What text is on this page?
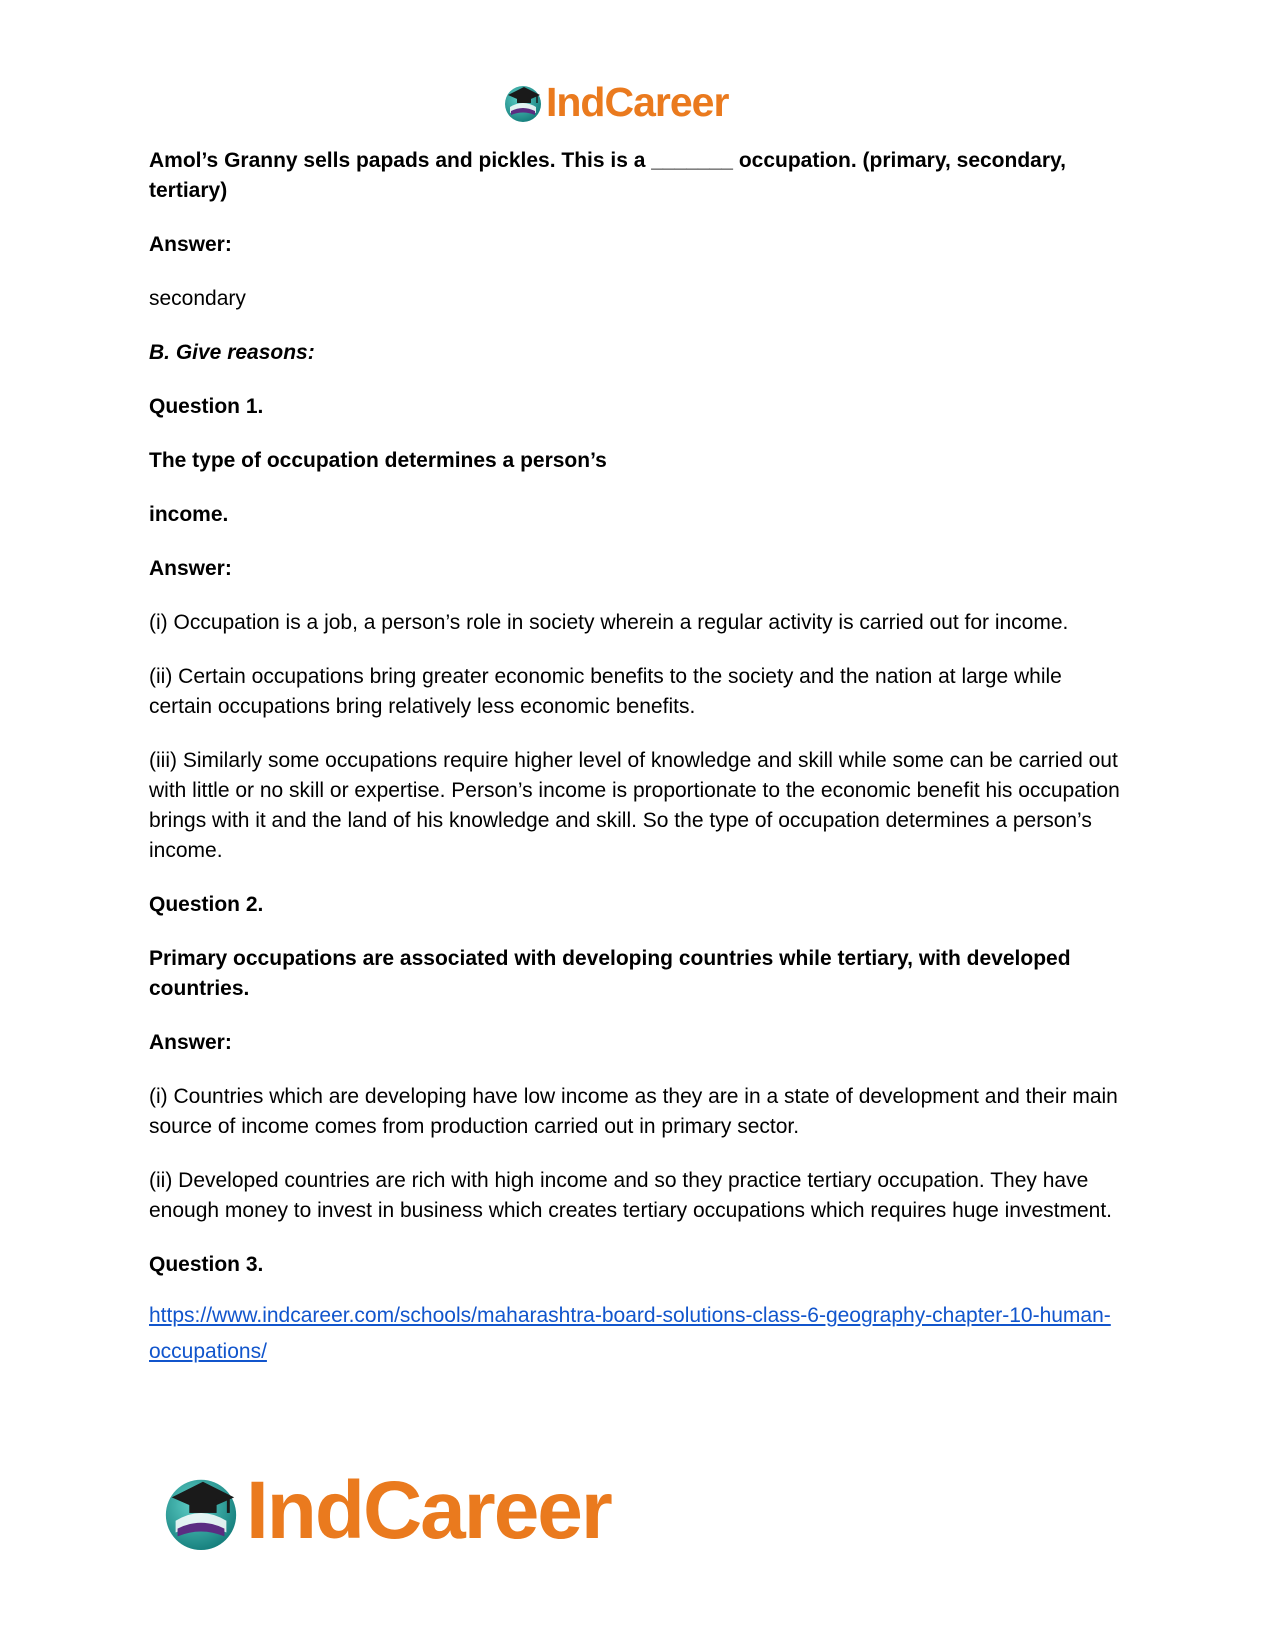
IndCareer

Amol’s Granny sells papads and pickles. This is a _______ occupation. (primary, secondary, tertiary)

Answer:

secondary

B. Give reasons:

Question 1.

The type of occupation determines a person’s

income.

Answer:

(i) Occupation is a job, a person’s role in society wherein a regular activity is carried out for income.

(ii) Certain occupations bring greater economic benefits to the society and the nation at large while certain occupations bring relatively less economic benefits.

(iii) Similarly some occupations require higher level of knowledge and skill while some can be carried out with little or no skill or expertise. Person’s income is proportionate to the economic benefit his occupation brings with it and the land of his knowledge and skill. So the type of occupation determines a person’s income.

Question 2.

Primary occupations are associated with developing countries while tertiary, with developed countries.

Answer:

(i) Countries which are developing have low income as they are in a state of development and their main source of income comes from production carried out in primary sector.

(ii) Developed countries are rich with high income and so they practice tertiary occupation. They have enough money to invest in business which creates tertiary occupations which requires huge investment.

Question 3.

https://www.indcareer.com/schools/maharashtra-board-solutions-class-6-geography-chapter-10-human-occupations/

IndCareer
